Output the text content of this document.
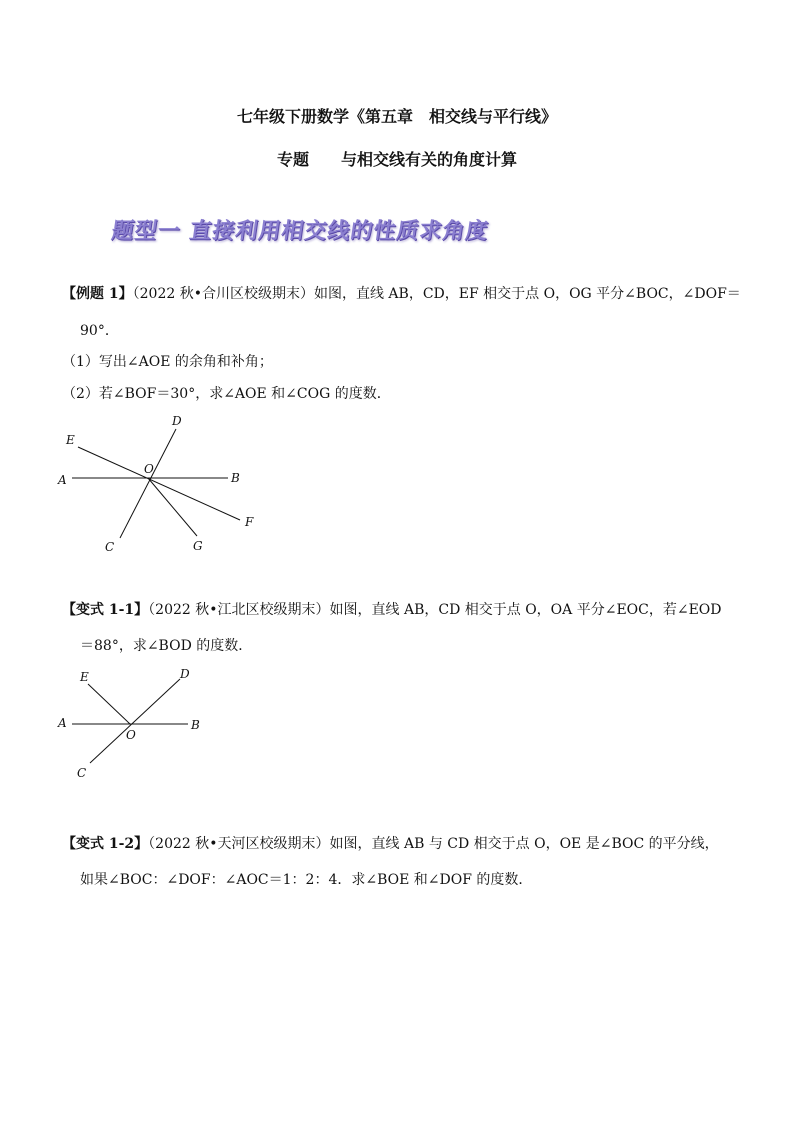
七年级下册数学《第五章　相交线与平行线》
专题　　与相交线有关的角度计算
题型一 直接利用相交线的性质求角度
【例题 1】（2022 秋•合川区校级期末）如图，直线 AB，CD，EF 相交于点 O，OG 平分∠BOC，∠DOF＝
90°．
（1）写出∠AOE 的余角和补角；
（2）若∠BOF＝30°，求∠AOE 和∠COG 的度数．
E
D
A
O
B
F
C	G
【变式 1-1】（2022 秋•江北区校级期末）如图，直线 AB，CD 相交于点 O，OA 平分∠EOC，若∠EOD
＝88°，求∠BOD 的度数．
E	D
A	B
O
C
【变式 1-2】（2022 秋•天河区校级期末）如图，直线 AB 与 CD 相交于点 O，OE 是∠BOC 的平分线，
如果∠BOC：∠DOF：∠AOC＝1：2：4．求∠BOE 和∠DOF 的度数．
